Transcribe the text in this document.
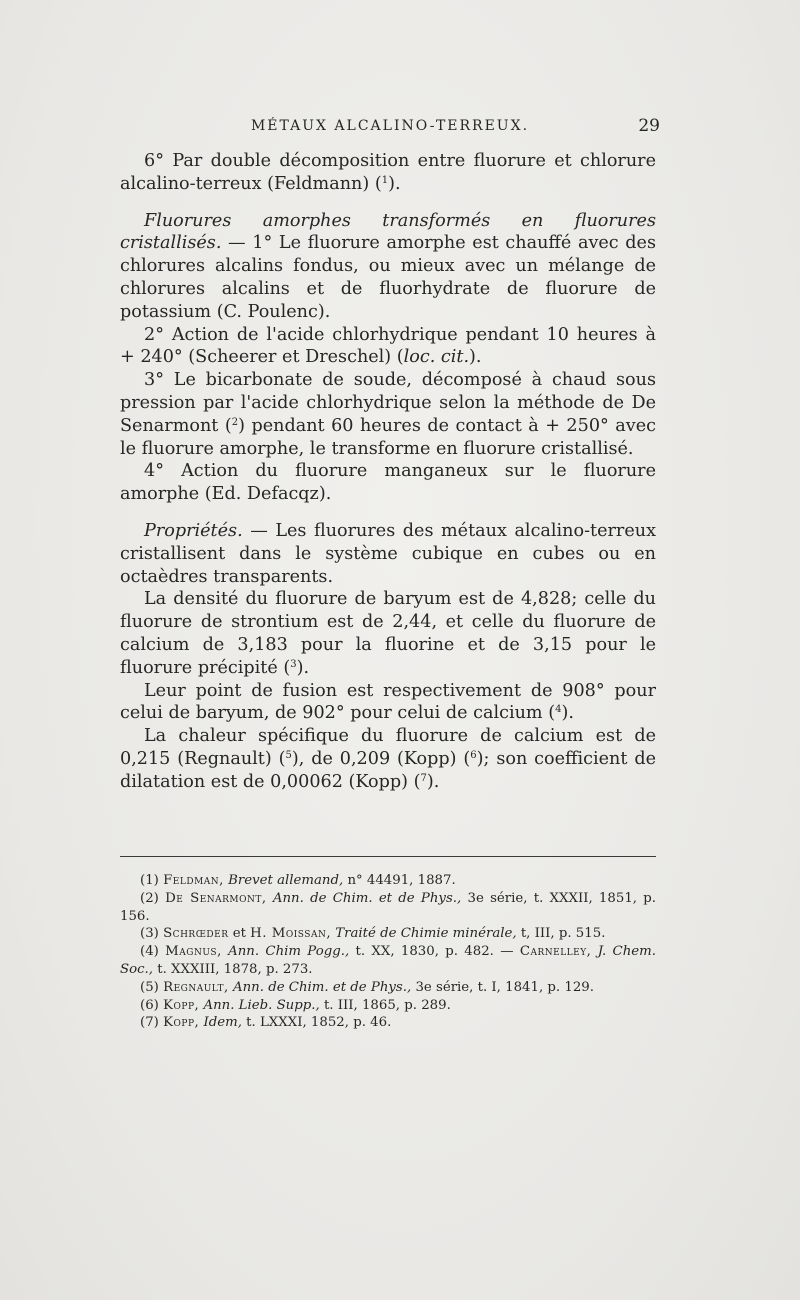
MÉTAUX ALCALINO-TERREUX.	29

6° Par double décomposition entre fluorure et chlorure alcalino-terreux (Feldmann) ($^1$).

Fluorures amorphes transformés en fluorures cristallisés. — 1° Le fluorure amorphe est chauffé avec des chlorures alcalins fondus, ou mieux avec un mélange de chlorures alcalins et de fluorhydrate de fluorure de potassium (C. Poulenc).

2° Action de l'acide chlorhydrique pendant 10 heures à + 240° (Scheerer et Dreschel) (loc. cit.).

3° Le bicarbonate de soude, décomposé à chaud sous pression par l'acide chlorhydrique selon la méthode de De Senarmont ($^2$) pendant 60 heures de contact à + 250° avec le fluorure amorphe, le transforme en fluorure cristallisé.

4° Action du fluorure manganeux sur le fluorure amorphe (Ed. Defacqz).

Propriétés. — Les fluorures des métaux alcalino-terreux cristallisent dans le système cubique en cubes ou en octaèdres transparents.

La densité du fluorure de baryum est de 4,828; celle du fluorure de strontium est de 2,44, et celle du fluorure de calcium de 3,183 pour la fluorine et de 3,15 pour le fluorure précipité ($^3$).

Leur point de fusion est respectivement de 908° pour celui de baryum, de 902° pour celui de calcium ($^4$).

La chaleur spécifique du fluorure de calcium est de 0,215 (Regnault) ($^5$), de 0,209 (Kopp) ($^6$); son coefficient de dilatation est de 0,00062 (Kopp) ($^7$).

(1) Feldman, Brevet allemand, n° 44491, 1887.

(2) De Senarmont, Ann. de Chim. et de Phys., 3e série, t. XXXII, 1851, p. 156.

(3) Schrœder et H. Moissan, Traité de Chimie minérale, t, III, p. 515.

(4) Magnus, Ann. Chim Pogg., t. XX, 1830, p. 482. — Carnelley, J. Chem. Soc., t. XXXIII, 1878, p. 273.

(5) Regnault, Ann. de Chim. et de Phys., 3e série, t. I, 1841, p. 129.

(6) Kopp, Ann. Lieb. Supp., t. III, 1865, p. 289.

(7) Kopp, Idem, t. LXXXI, 1852, p. 46.
